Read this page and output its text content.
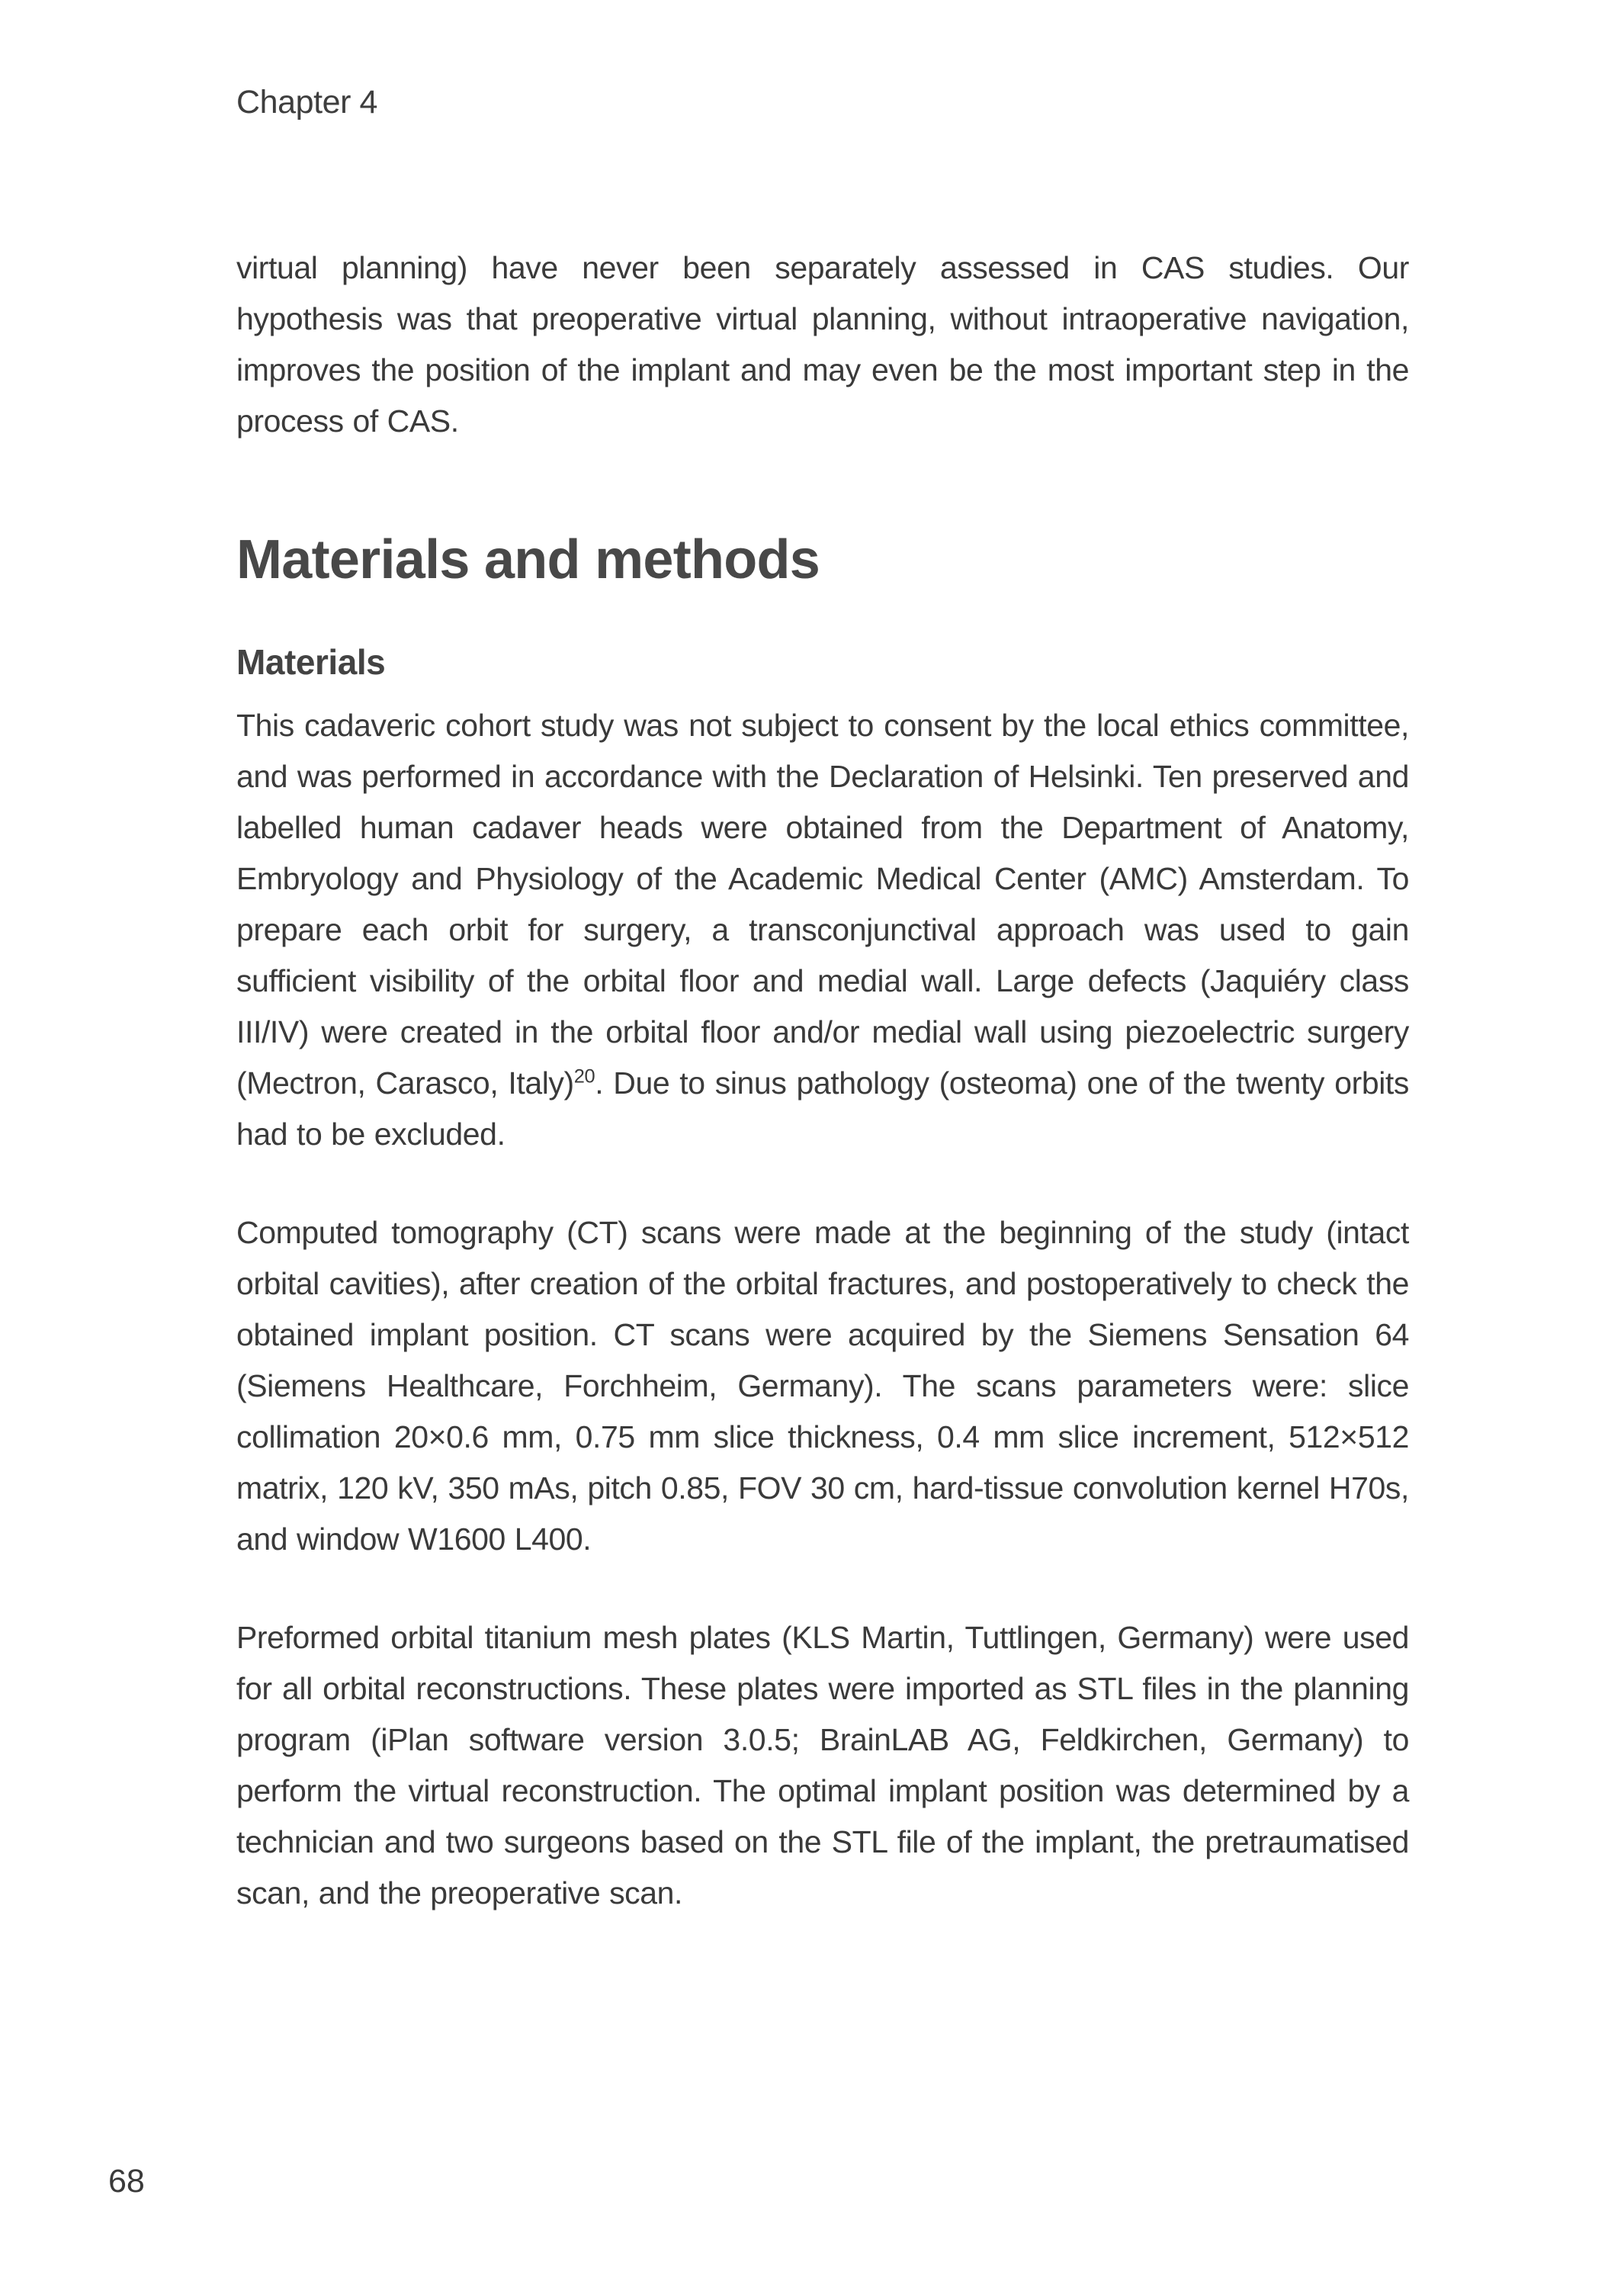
Chapter 4

virtual planning) have never been separately assessed in CAS studies. Our hypothesis was that preoperative virtual planning, without intraoperative navigation, improves the position of the implant and may even be the most important step in the process of CAS.

Materials and methods
Materials

This cadaveric cohort study was not subject to consent by the local ethics committee, and was performed in accordance with the Declaration of Helsinki. Ten preserved and labelled human cadaver heads were obtained from the Department of Anatomy, Embryology and Physiology of the Academic Medical Center (AMC) Amsterdam. To prepare each orbit for surgery, a transconjunctival approach was used to gain sufficient visibility of the orbital floor and medial wall. Large defects (Jaquiéry class III/IV) were created in the orbital floor and/or medial wall using piezoelectric surgery (Mectron, Carasco, Italy)$^{20}$. Due to sinus pathology (osteoma) one of the twenty orbits had to be excluded.

Computed tomography (CT) scans were made at the beginning of the study (intact orbital cavities), after creation of the orbital fractures, and postoperatively to check the obtained implant position. CT scans were acquired by the Siemens Sensation 64 (Siemens Healthcare, Forchheim, Germany). The scans parameters were: slice collimation 20×0.6 mm, 0.75 mm slice thickness, 0.4 mm slice increment, 512×512 matrix, 120 kV, 350 mAs, pitch 0.85, FOV 30 cm, hard-tissue convolution kernel H70s, and window W1600 L400.

Preformed orbital titanium mesh plates (KLS Martin, Tuttlingen, Germany) were used for all orbital reconstructions. These plates were imported as STL files in the planning program (iPlan software version 3.0.5; BrainLAB AG, Feldkirchen, Germany) to perform the virtual reconstruction. The optimal implant position was determined by a technician and two surgeons based on the STL file of the implant, the pretraumatised scan, and the preoperative scan.

68
